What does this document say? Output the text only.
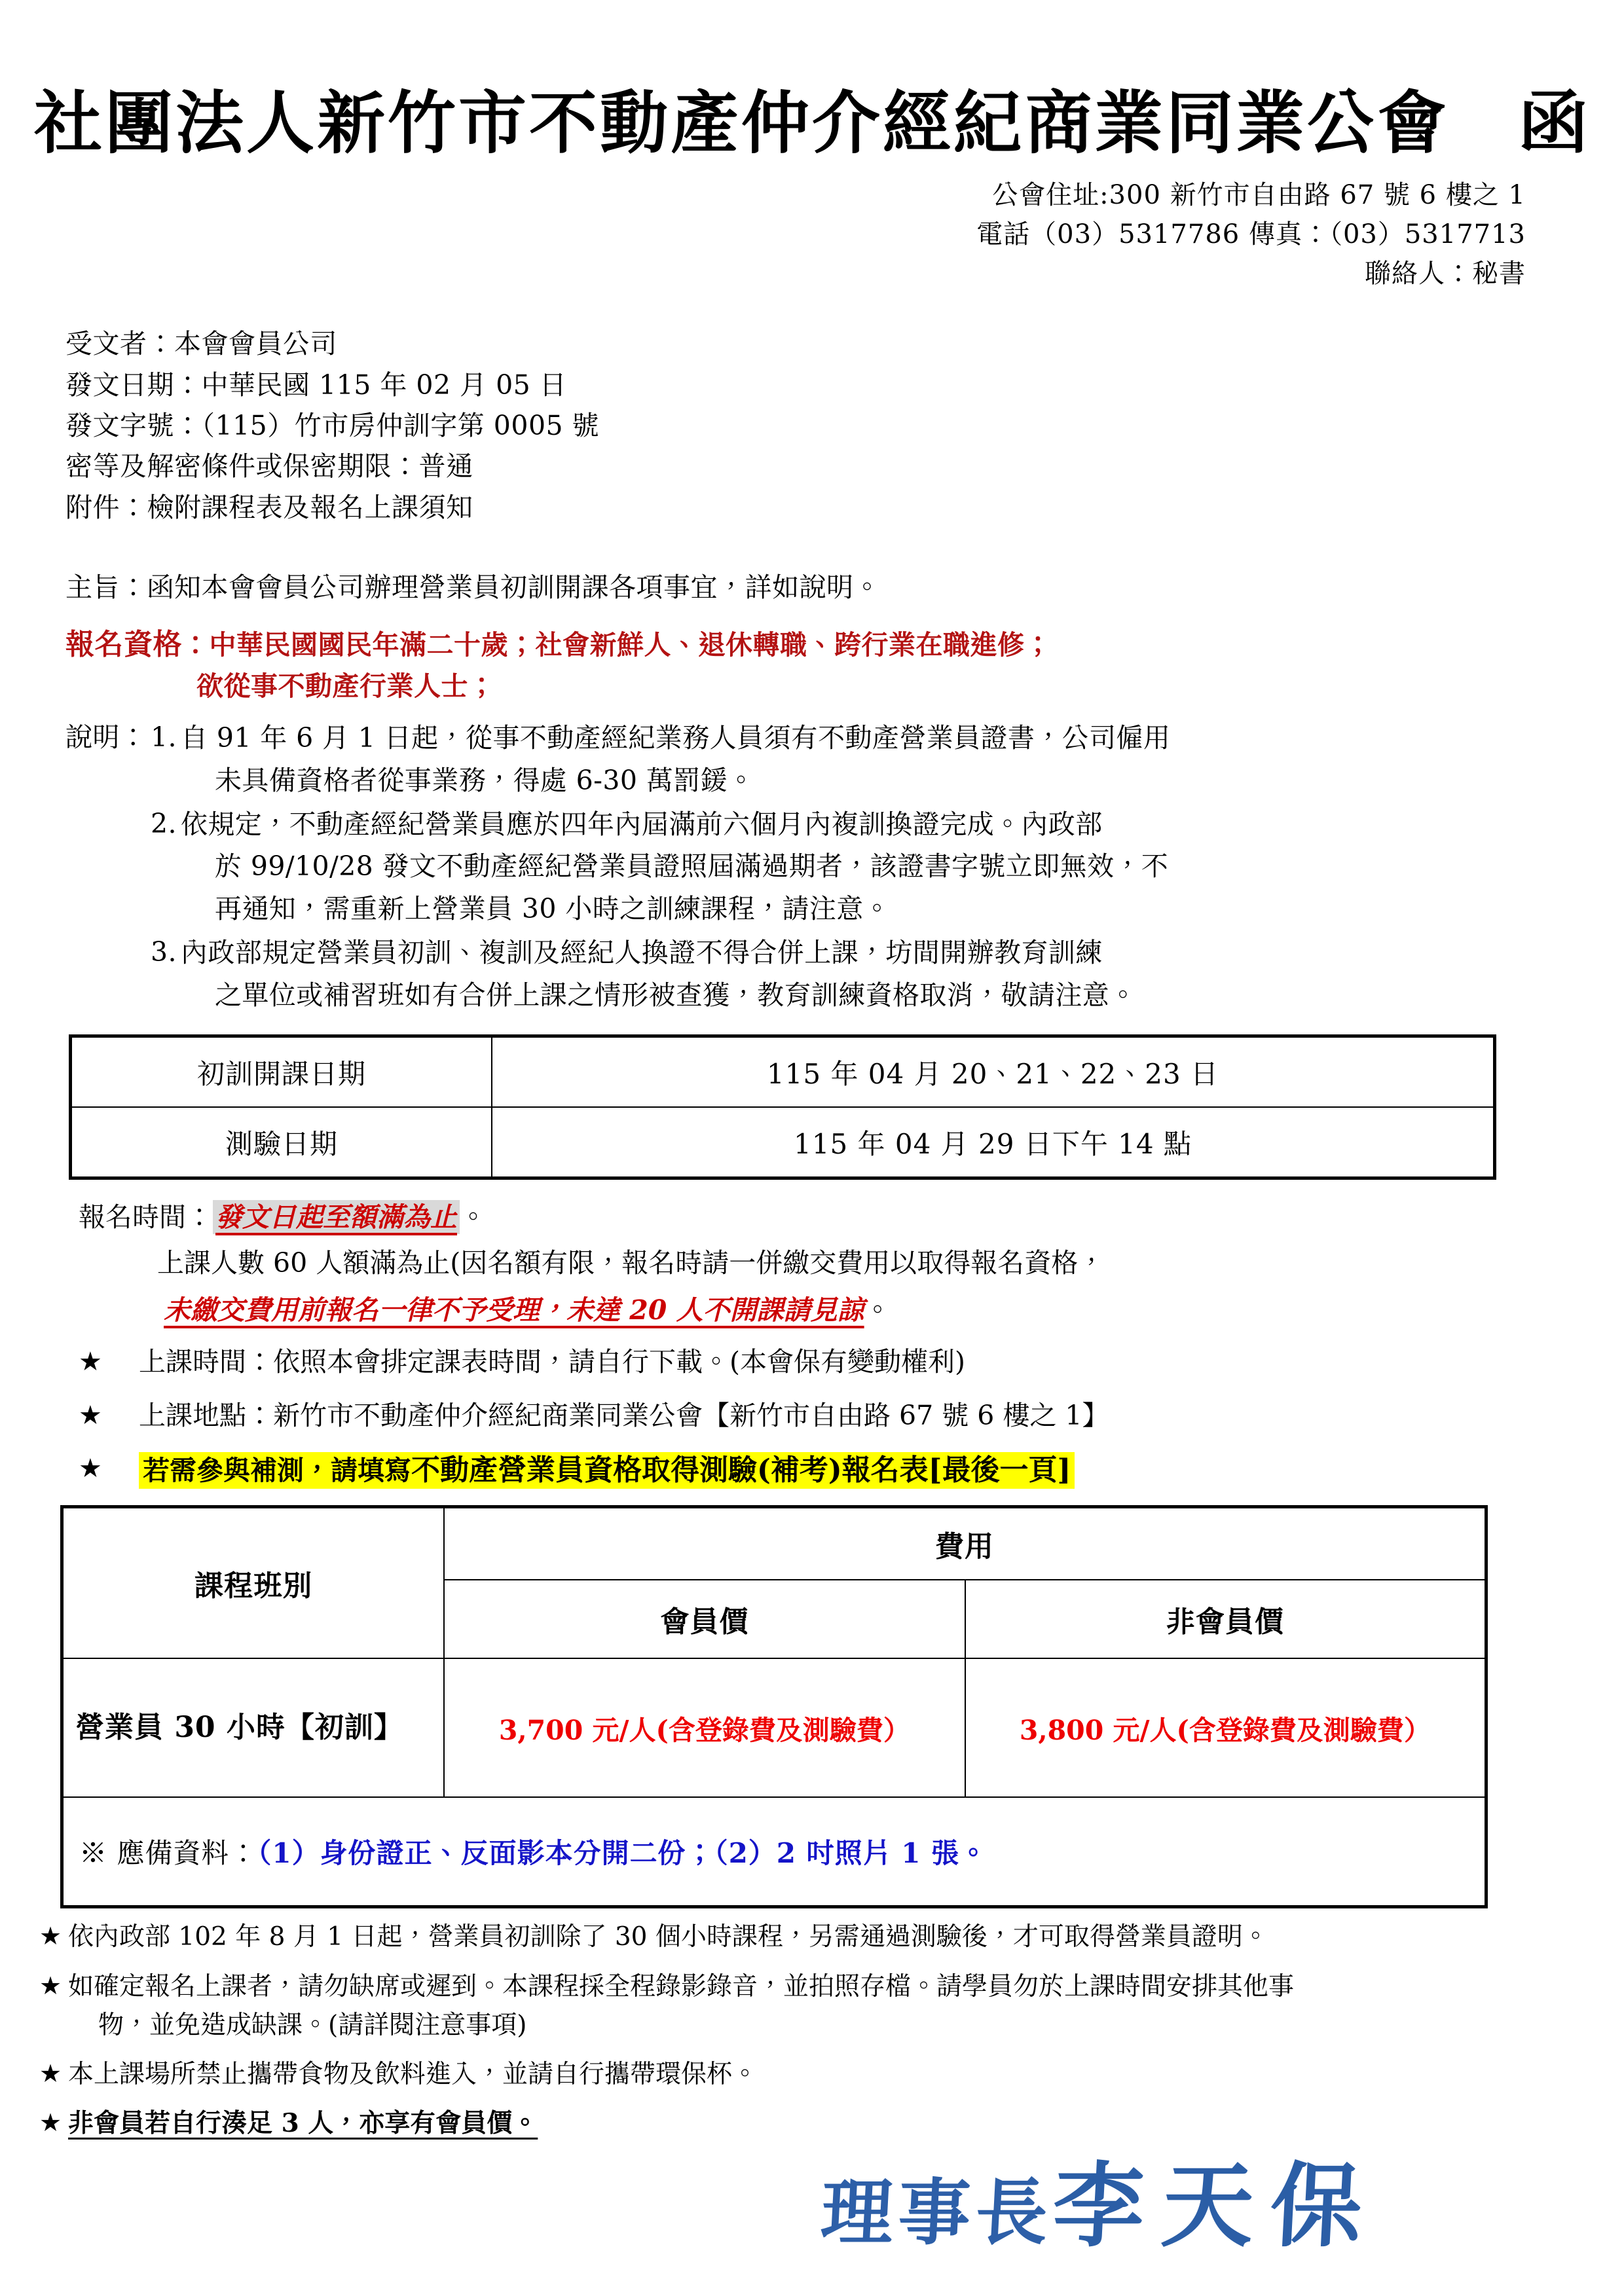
社團法人新竹市不動產仲介經紀商業同業公會　函
公會住址:300 新竹市自由路 67 號 6 樓之 1
電話（03）5317786 傳真：（03）5317713
聯絡人：秘書
受文者：本會會員公司
發文日期：中華民國 115 年 02 月 05 日
發文字號：（115）竹市房仲訓字第 0005 號
密等及解密條件或保密期限：普通
附件：檢附課程表及報名上課須知
主旨：函知本會會員公司辦理營業員初訓開課各項事宜，詳如說明。
報名資格：中華民國國民年滿二十歲；社會新鮮人、退休轉職、跨行業在職進修；
欲從事不動產行業人士；
說明： 1. 自 91 年 6 月 1 日起，從事不動產經紀業務人員須有不動產營業員證書，公司僱用
未具備資格者從事業務，得處 6-30 萬罰鍰。
2. 依規定，不動產經紀營業員應於四年內屆滿前六個月內複訓換證完成。內政部
於 99/10/28 發文不動產經紀營業員證照屆滿過期者，該證書字號立即無效，不
再通知，需重新上營業員 30 小時之訓練課程，請注意。
3. 內政部規定營業員初訓、複訓及經紀人換證不得合併上課，坊間開辦教育訓練
之單位或補習班如有合併上課之情形被查獲，教育訓練資格取消，敬請注意。
初訓開課日期	115 年 04 月 20、21、22、23 日
測驗日期	115 年 04 月 29 日下午 14 點
報名時間：發文日起至額滿為止。
上課人數 60 人額滿為止(因名額有限，報名時請一併繳交費用以取得報名資格，
未繳交費用前報名一律不予受理，未達 20 人不開課請見諒。
★	上課時間：依照本會排定課表時間，請自行下載。(本會保有變動權利)
★	上課地點：新竹市不動產仲介經紀商業同業公會【新竹市自由路 67 號 6 樓之 1】
★	若需參與補測，請填寫不動產營業員資格取得測驗(補考)報名表[最後一頁]
課程班別	費用	
	會員價	非會員價
營業員 30 小時【初訓】	3,700 元/人(含登錄費及測驗費）	3,800 元/人(含登錄費及測驗費）
※ 應備資料：（1）身份證正、反面影本分開二份；（2）2 吋照片 1 張。		
★ 依內政部 102 年 8 月 1 日起，營業員初訓除了 30 個小時課程，另需通過測驗後，才可取得營業員證明。
★ 如確定報名上課者，請勿缺席或遲到。本課程採全程錄影錄音，並拍照存檔。請學員勿於上課時間安排其他事
物，並免造成缺課。(請詳閱注意事項)
★ 本上課場所禁止攜帶食物及飲料進入，並請自行攜帶環保杯。
★ 非會員若自行湊足 3 人，亦享有會員價。
理事長李天保
